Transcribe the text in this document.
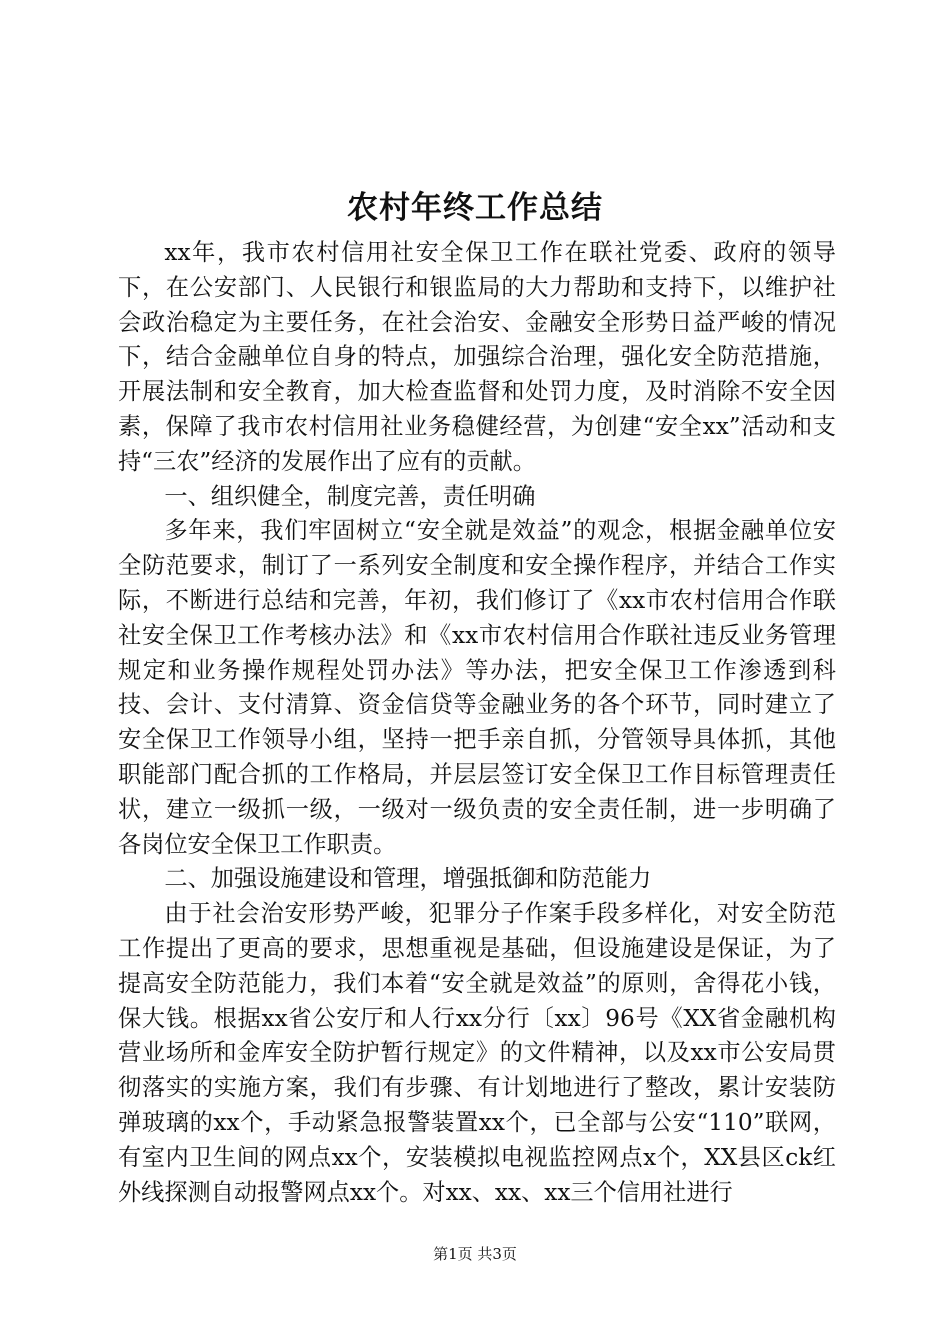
农村年终工作总结

xx年，我市农村信用社安全保卫工作在联社党委、政府的领导下，在公安部门、人民银行和银监局的大力帮助和支持下，以维护社会政治稳定为主要任务，在社会治安、金融安全形势日益严峻的情况下，结合金融单位自身的特点，加强综合治理，强化安全防范措施，开展法制和安全教育，加大检查监督和处罚力度，及时消除不安全因素，保障了我市农村信用社业务稳健经营，为创建“安全xx”活动和支持“三农”经济的发展作出了应有的贡献。

一、组织健全，制度完善，责任明确

多年来，我们牢固树立“安全就是效益”的观念，根据金融单位安全防范要求，制订了一系列安全制度和安全操作程序，并结合工作实际，不断进行总结和完善，年初，我们修订了《xx市农村信用合作联社安全保卫工作考核办法》和《xx市农村信用合作联社违反业务管理规定和业务操作规程处罚办法》等办法，把安全保卫工作渗透到科技、会计、支付清算、资金信贷等金融业务的各个环节，同时建立了安全保卫工作领导小组，坚持一把手亲自抓，分管领导具体抓，其他职能部门配合抓的工作格局，并层层签订安全保卫工作目标管理责任状，建立一级抓一级，一级对一级负责的安全责任制，进一步明确了各岗位安全保卫工作职责。

二、加强设施建设和管理，增强抵御和防范能力

由于社会治安形势严峻，犯罪分子作案手段多样化，对安全防范工作提出了更高的要求，思想重视是基础，但设施建设是保证，为了提高安全防范能力，我们本着“安全就是效益”的原则，舍得花小钱，保大钱。根据xx省公安厅和人行xx分行〔xx〕96号《XX省金融机构营业场所和金库安全防护暂行规定》的文件精神，以及xx市公安局贯彻落实的实施方案，我们有步骤、有计划地进行了整改，累计安装防弹玻璃的xx个，手动紧急报警装置xx个，已全部与公安“110”联网，有室内卫生间的网点xx个，安装模拟电视监控网点x个，XX县区ck红外线探测自动报警网点xx个。对xx、xx、xx三个信用社进行

第1页 共3页
